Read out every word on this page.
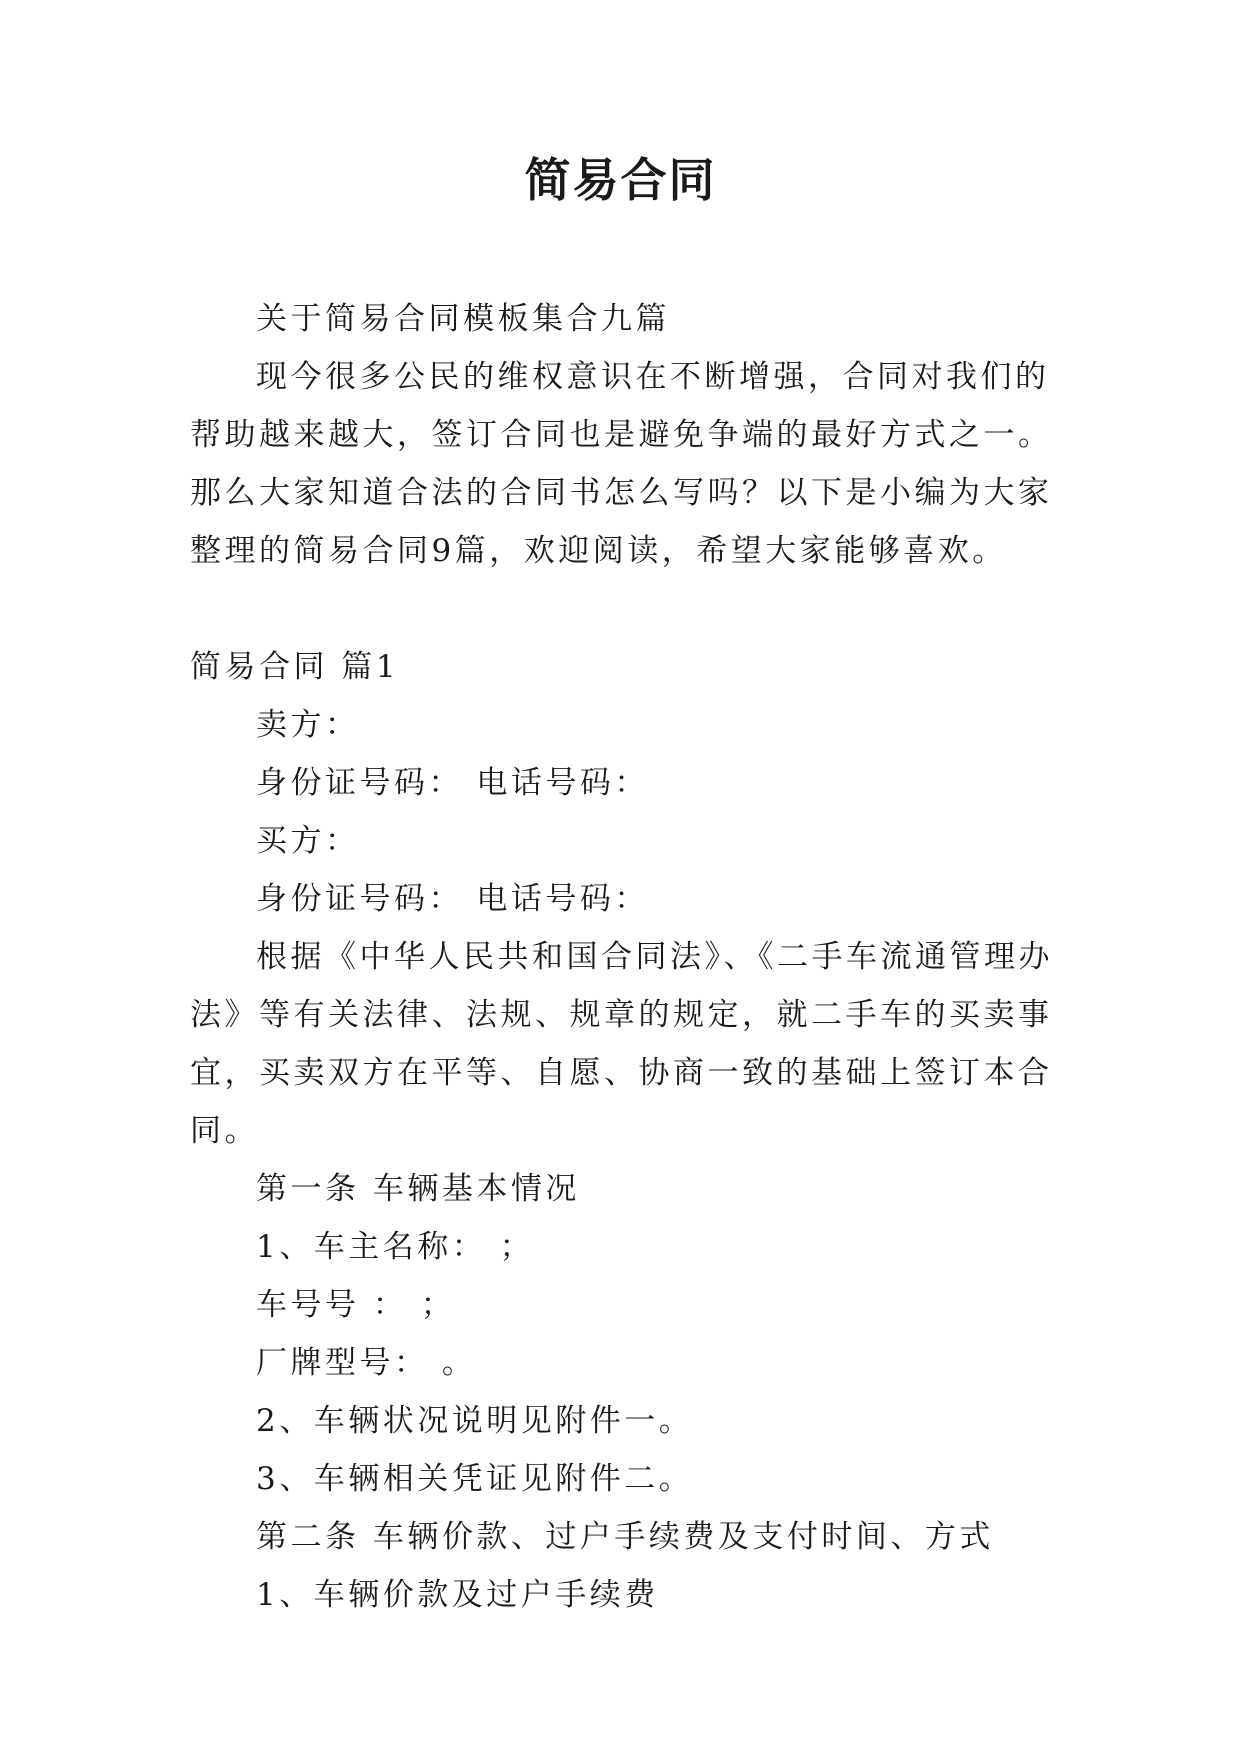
简易合同

关于简易合同模板集合九篇

现今很多公民的维权意识在不断增强，合同对我们的帮助越来越大，签订合同也是避免争端的最好方式之一。那么大家知道合法的合同书怎么写吗？以下是小编为大家整理的简易合同9篇，欢迎阅读，希望大家能够喜欢。

简易合同 篇1

卖方：

身份证号码： 电话号码：

买方：

身份证号码： 电话号码：

根据《中华人民共和国合同法》、《二手车流通管理办法》等有关法律、法规、规章的规定，就二手车的买卖事宜，买卖双方在平等、自愿、协商一致的基础上签订本合同。

第一条 车辆基本情况

1、车主名称： ；

车号号 ： ；

厂牌型号： 。

2、车辆状况说明见附件一。

3、车辆相关凭证见附件二。

第二条 车辆价款、过户手续费及支付时间、方式

1、车辆价款及过户手续费
